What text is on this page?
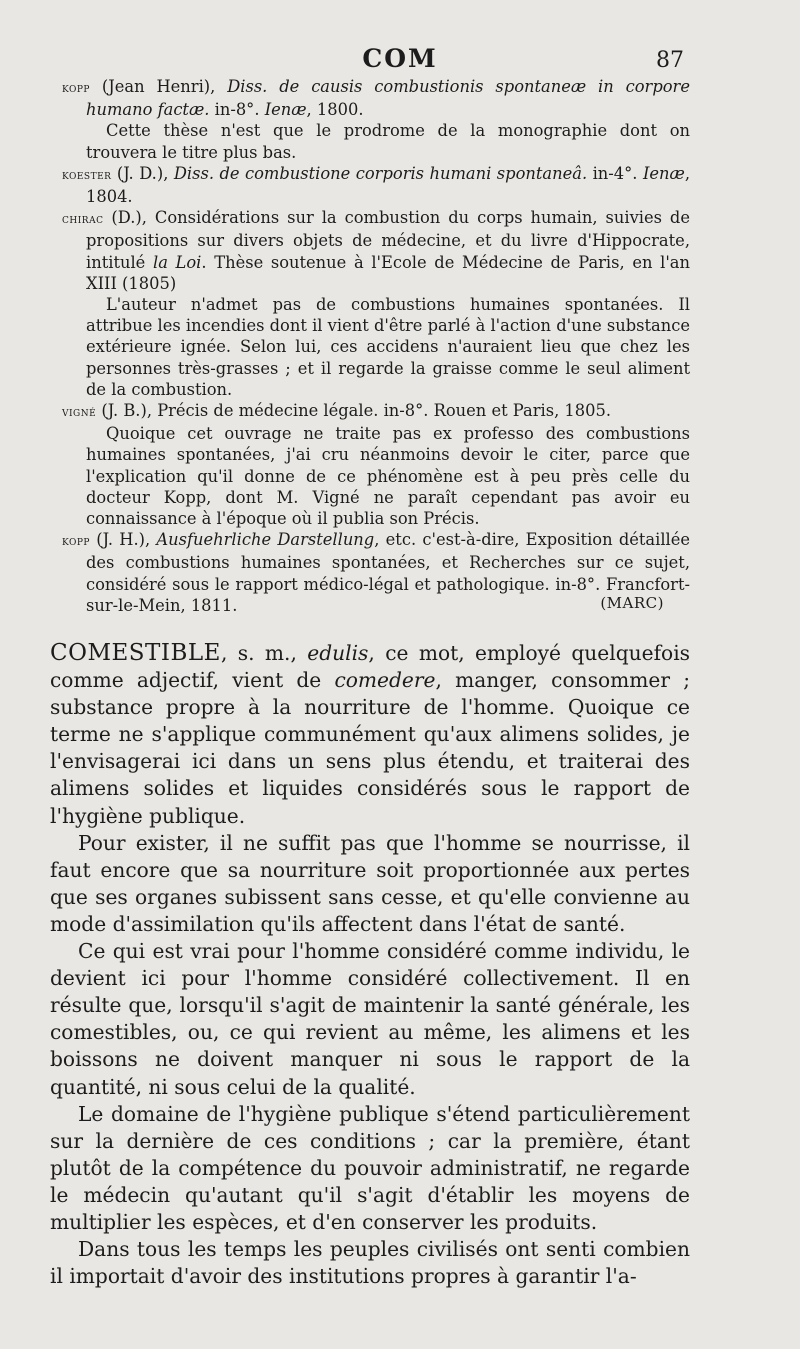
COM	87

kopp (Jean Henri), Diss. de causis combustionis spontaneæ in corpore humano factæ. in-8°. Ienæ, 1800.

Cette thèse n'est que le prodrome de la monographie dont on trouvera le titre plus bas.

koester (J. D.), Diss. de combustione corporis humani spontaneâ. in-4°. Ienæ, 1804.

chirac (D.), Considérations sur la combustion du corps humain, suivies de propositions sur divers objets de médecine, et du livre d'Hippocrate, intitulé la Loi. Thèse soutenue à l'Ecole de Médecine de Paris, en l'an XIII (1805)

L'auteur n'admet pas de combustions humaines spontanées. Il attribue les incendies dont il vient d'être parlé à l'action d'une substance extérieure ignée. Selon lui, ces accidens n'auraient lieu que chez les personnes très-grasses ; et il regarde la graisse comme le seul aliment de la combustion.

vigné (J. B.), Précis de médecine légale. in-8°. Rouen et Paris, 1805.

Quoique cet ouvrage ne traite pas ex professo des combustions humaines spontanées, j'ai cru néanmoins devoir le citer, parce que l'explication qu'il donne de ce phénomène est à peu près celle du docteur Kopp, dont M. Vigné ne paraît cependant pas avoir eu connaissance à l'époque où il publia son Précis.

kopp (J. H.), Ausfuehrliche Darstellung, etc. c'est-à-dire, Exposition détaillée des combustions humaines spontanées, et Recherches sur ce sujet, considéré sous le rapport médico-légal et pathologique. in-8°. Francfort-sur-le-Mein, 1811.	(MARC)

COMESTIBLE, s. m., edulis, ce mot, employé quelquefois comme adjectif, vient de comedere, manger, consommer ; substance propre à la nourriture de l'homme. Quoique ce terme ne s'applique communément qu'aux alimens solides, je l'envisagerai ici dans un sens plus étendu, et traiterai des alimens solides et liquides considérés sous le rapport de l'hygiène publique.

Pour exister, il ne suffit pas que l'homme se nourrisse, il faut encore que sa nourriture soit proportionnée aux pertes que ses organes subissent sans cesse, et qu'elle convienne au mode d'assimilation qu'ils affectent dans l'état de santé.

Ce qui est vrai pour l'homme considéré comme individu, le devient ici pour l'homme considéré collectivement. Il en résulte que, lorsqu'il s'agit de maintenir la santé générale, les comestibles, ou, ce qui revient au même, les alimens et les boissons ne doivent manquer ni sous le rapport de la quantité, ni sous celui de la qualité.

Le domaine de l'hygiène publique s'étend particulièrement sur la dernière de ces conditions ; car la première, étant plutôt de la compétence du pouvoir administratif, ne regarde le médecin qu'autant qu'il s'agit d'établir les moyens de multiplier les espèces, et d'en conserver les produits.

Dans tous les temps les peuples civilisés ont senti combien il importait d'avoir des institutions propres à garantir l'a-
